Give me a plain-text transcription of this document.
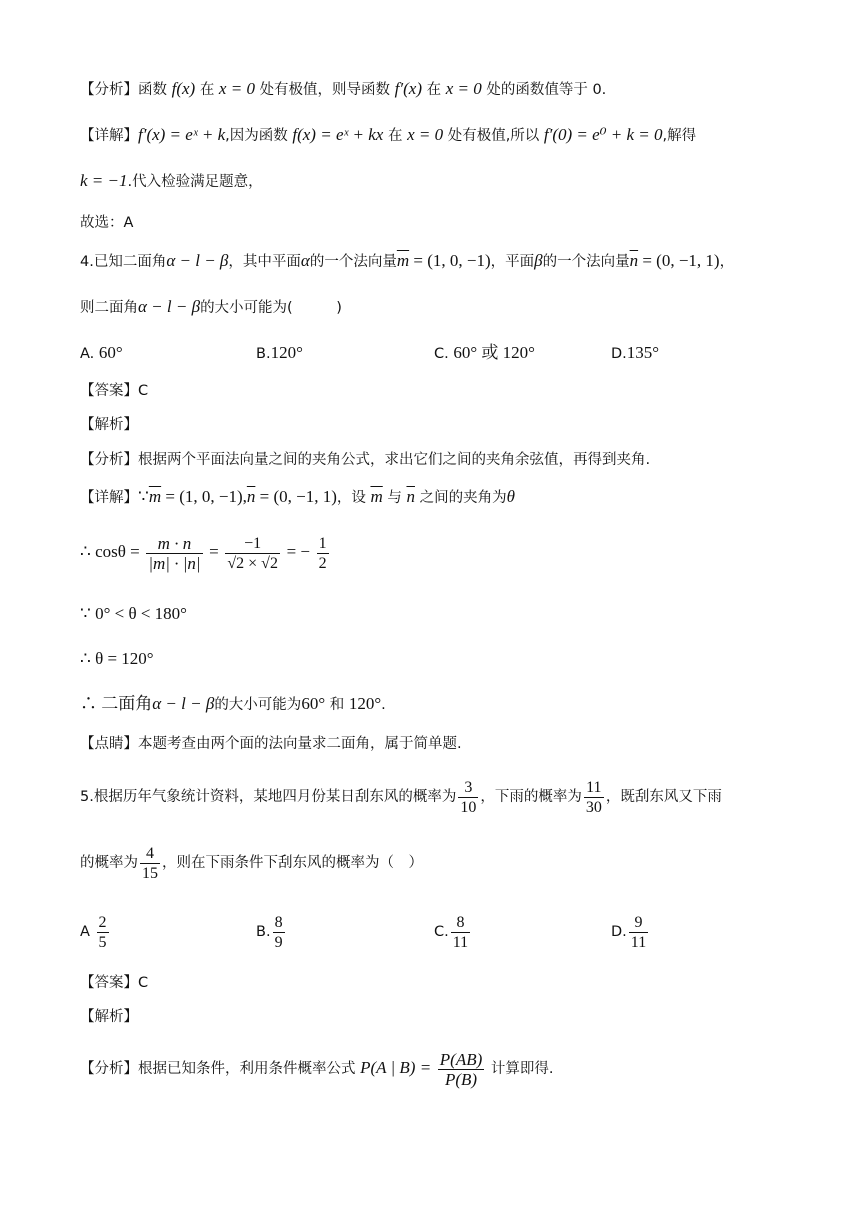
【分析】函数 f(x) 在 x = 0 处有极值，则导函数 f′(x) 在 x = 0 处的函数值等于 0.
【详解】f′(x) = eˣ + k,因为函数 f(x) = eˣ + kx 在 x = 0 处有极值,所以 f′(0) = e⁰ + k = 0,解得
k = −1.代入检验满足题意，
故选：A
4.已知二面角α − l − β，其中平面α的一个法向量$\overline{m} = (1$, 0, −1)，平面β的一个法向量$\overline{n} = (0$, −1, 1)，
则二面角α − l − β的大小可能为(　　　)
A. 60°	B.120°	C. 60° 或 120°	D.135°
【答案】C
【解析】
【分析】根据两个平面法向量之间的夹角公式，求出它们之间的夹角余弦值，再得到夹角.
【详解】$\because\overline{m} = (1$, 0, $-1),\overline{n} = (0$, −1, 1)，设 $\overline{m}$ 与 $\overline{n}$ 之间的夹角为θ
∴ $\cos\theta = \frac{m \cdot n}{|m| \cdot |n|} = \frac{-1}{√2 \times √2}$ = − $\frac{1}{2}$
∵ 0° < θ < 180°
∴ θ = 120°
∴ 二面角α − l − β的大小可能为60° 和 120°.
【点睛】本题考查由两个面的法向量求二面角，属于简单题.
5.根据历年气象统计资料，某地四月份某日刮东风的概率为 $\frac{3}{10}$ ，下雨的概率为 $\frac{11}{30}$ ，既刮东风又下雨
的概率为 $\frac{4}{15}$ ，则在下雨条件下刮东风的概率为（　）
A $\frac{2}{5}$	B. $\frac{8}{9}$	C. $\frac{8}{11}$	D. $\frac{9}{11}$
【答案】C
【解析】
【分析】根据已知条件，利用条件概率公式 P(A | $B) = \frac{P(AB)}{P(B)}$ 计算即得.
